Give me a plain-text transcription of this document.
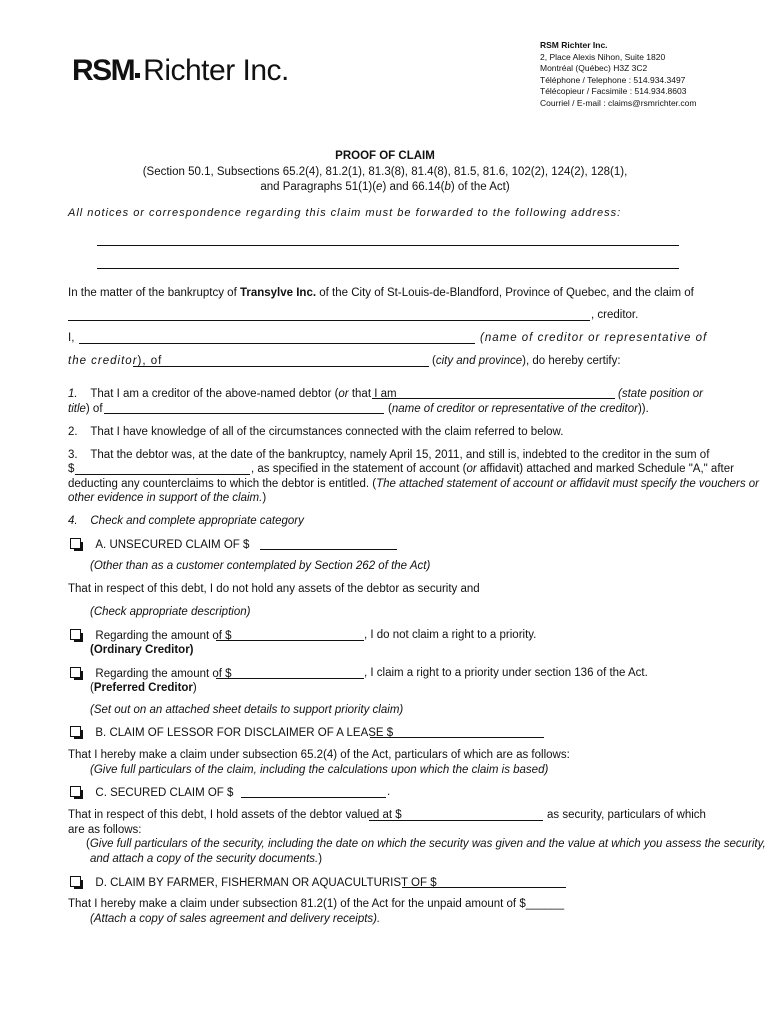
RSM Richter Inc.
RSM Richter Inc.
2, Place Alexis Nihon, Suite 1820
Montréal (Québec) H3Z 3C2
Téléphone / Telephone : 514.934.3497
Télécopieur / Facsimile : 514.934.8603
Courriel / E-mail : claims@rsmrichter.com
PROOF OF CLAIM
(Section 50.1, Subsections 65.2(4), 81.2(1), 81.3(8), 81.4(8), 81.5, 81.6, 102(2), 124(2), 128(1),
and Paragraphs 51(1)(e) and 66.14(b) of the Act)
All notices or correspondence regarding this claim must be forwarded to the following address:
In the matter of the bankruptcy of Transylve Inc. of the City of St-Louis-de-Blandford, Province of Quebec, and the claim of
, creditor.
I,	(name of creditor or representative of
the creditor), of	(city and province), do hereby certify:
1. That I am a creditor of the above-named debtor (or that I am	(state position or
title) of	(name of creditor or representative of the creditor)).
2. That I have knowledge of all of the circumstances connected with the claim referred to below.
3. That the debtor was, at the date of the bankruptcy, namely April 15, 2011, and still is, indebted to the creditor in the sum of
$	, as specified in the statement of account (or affidavit) attached and marked Schedule "A," after
deducting any counterclaims to which the debtor is entitled. (The attached statement of account or affidavit must specify the vouchers or
other evidence in support of the claim.)
4. Check and complete appropriate category
A. UNSECURED CLAIM OF $
(Other than as a customer contemplated by Section 262 of the Act)
That in respect of this debt, I do not hold any assets of the debtor as security and
(Check appropriate description)
Regarding the amount of $	, I do not claim a right to a priority.
(Ordinary Creditor)
Regarding the amount of $	, I claim a right to a priority under section 136 of the Act.
(Preferred Creditor)
(Set out on an attached sheet details to support priority claim)
B. CLAIM OF LESSOR FOR DISCLAIMER OF A LEASE $
That I hereby make a claim under subsection 65.2(4) of the Act, particulars of which are as follows:
(Give full particulars of the claim, including the calculations upon which the claim is based)
C. SECURED CLAIM OF $	.
That in respect of this debt, I hold assets of the debtor valued at $	as security, particulars of which
are as follows:
(Give full particulars of the security, including the date on which the security was given and the value at which you assess the security,
and attach a copy of the security documents.)
D. CLAIM BY FARMER, FISHERMAN OR AQUACULTURIST OF $
That I hereby make a claim under subsection 81.2(1) of the Act for the unpaid amount of $______
(Attach a copy of sales agreement and delivery receipts).
